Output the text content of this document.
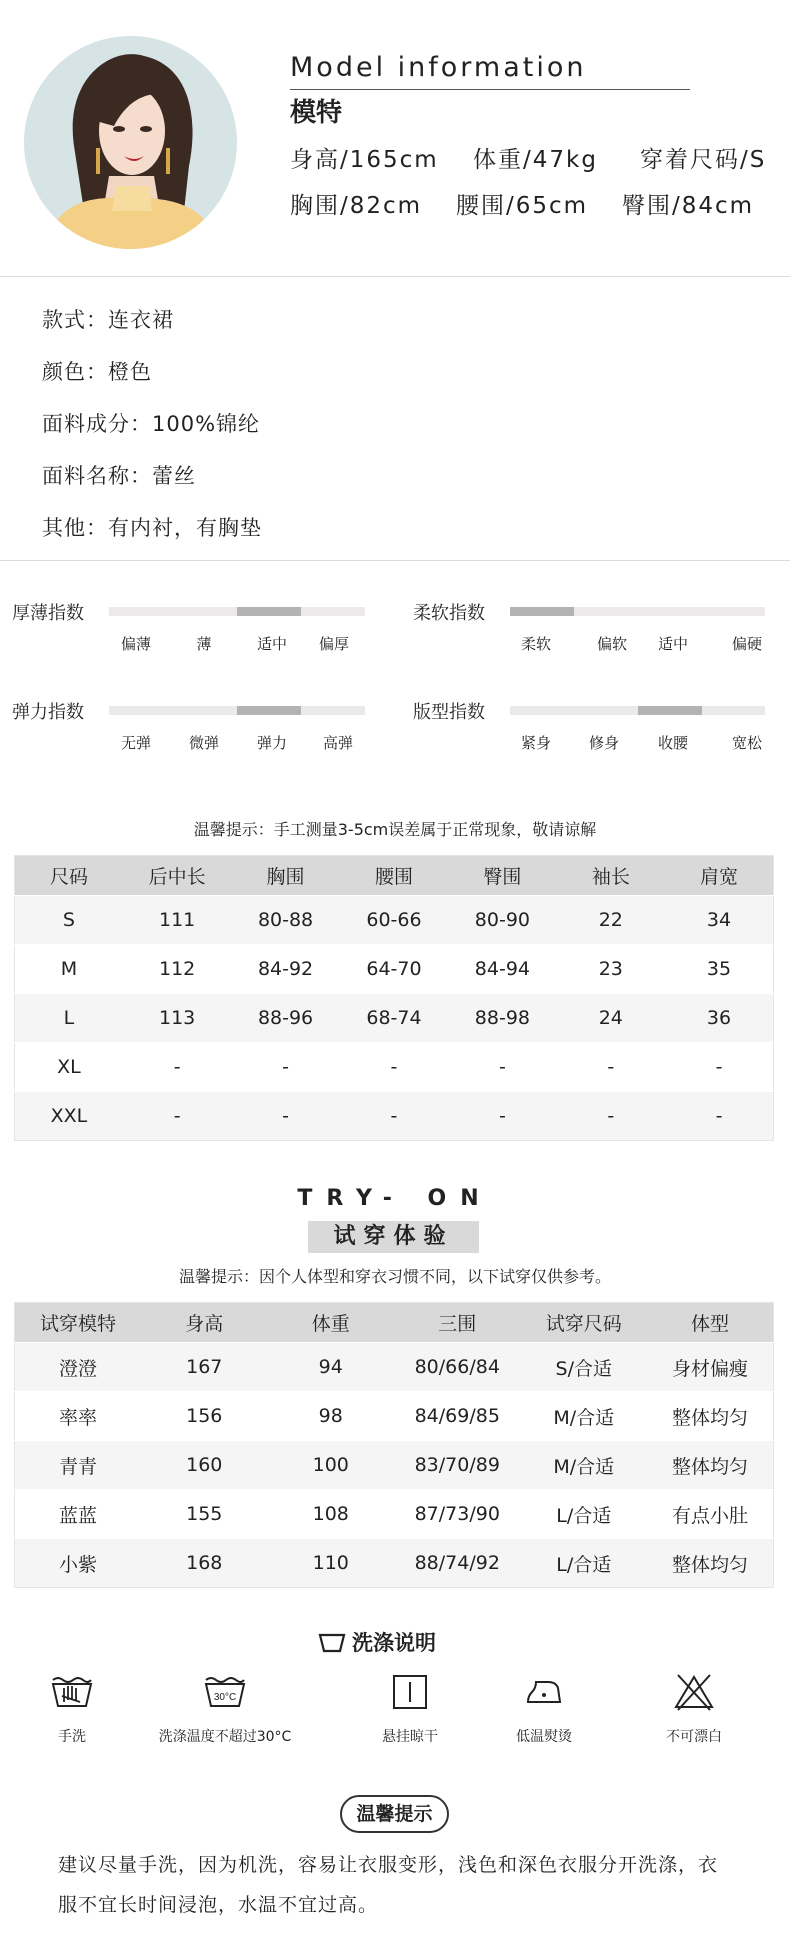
Model information
模特
身高/165cm 体重/47kg 穿着尺码/S
胸围/82cm 腰围/65cm 臀围/84cm
款式：连衣裙
颜色：橙色
面料成分：100%锦纶
面料名称：蕾丝
其他：有内衬，有胸垫
厚薄指数
偏薄	薄	适中 偏厚
柔软指数
柔软	偏软 适中	偏硬
弹力指数
无弹	微弹	弹力 高弹
版型指数
紧身	修身	收腰	宽松
温馨提示：手工测量3-5cm误差属于正常现象，敬请谅解
尺码	后中长	胸围	腰围	臀围	袖长	肩宽
S	111	80-88	60-66	80-90	22	34
M	112	84-92	64-70	84-94	23	35
L	113	88-96	68-74	88-98	24	36
XL	-	-	-	-	-	-
XXL	-	-	-	-	-	-
TRY- ON
试穿体验
温馨提示：因个人体型和穿衣习惯不同，以下试穿仅供参考。
试穿模特	身高	体重	三围	试穿尺码	体型
澄澄	167	94	80/66/84	S/合适	身材偏瘦
率率	156	98	84/69/85	M/合适	整体均匀
青青	160	100	83/70/89	M/合适	整体均匀
蓝蓝	155	108	87/73/90	L/合适	有点小肚
小紫	168	110	88/74/92	L/合适	整体均匀
洗涤说明
手洗
30°C
洗涤温度不超过30°C	悬挂晾干	低温熨烫	不可漂白
温馨提示
建议尽量手洗，因为机洗，容易让衣服变形，浅色和深色衣服分开洗涤，衣
服不宜长时间浸泡，水温不宜过高。
